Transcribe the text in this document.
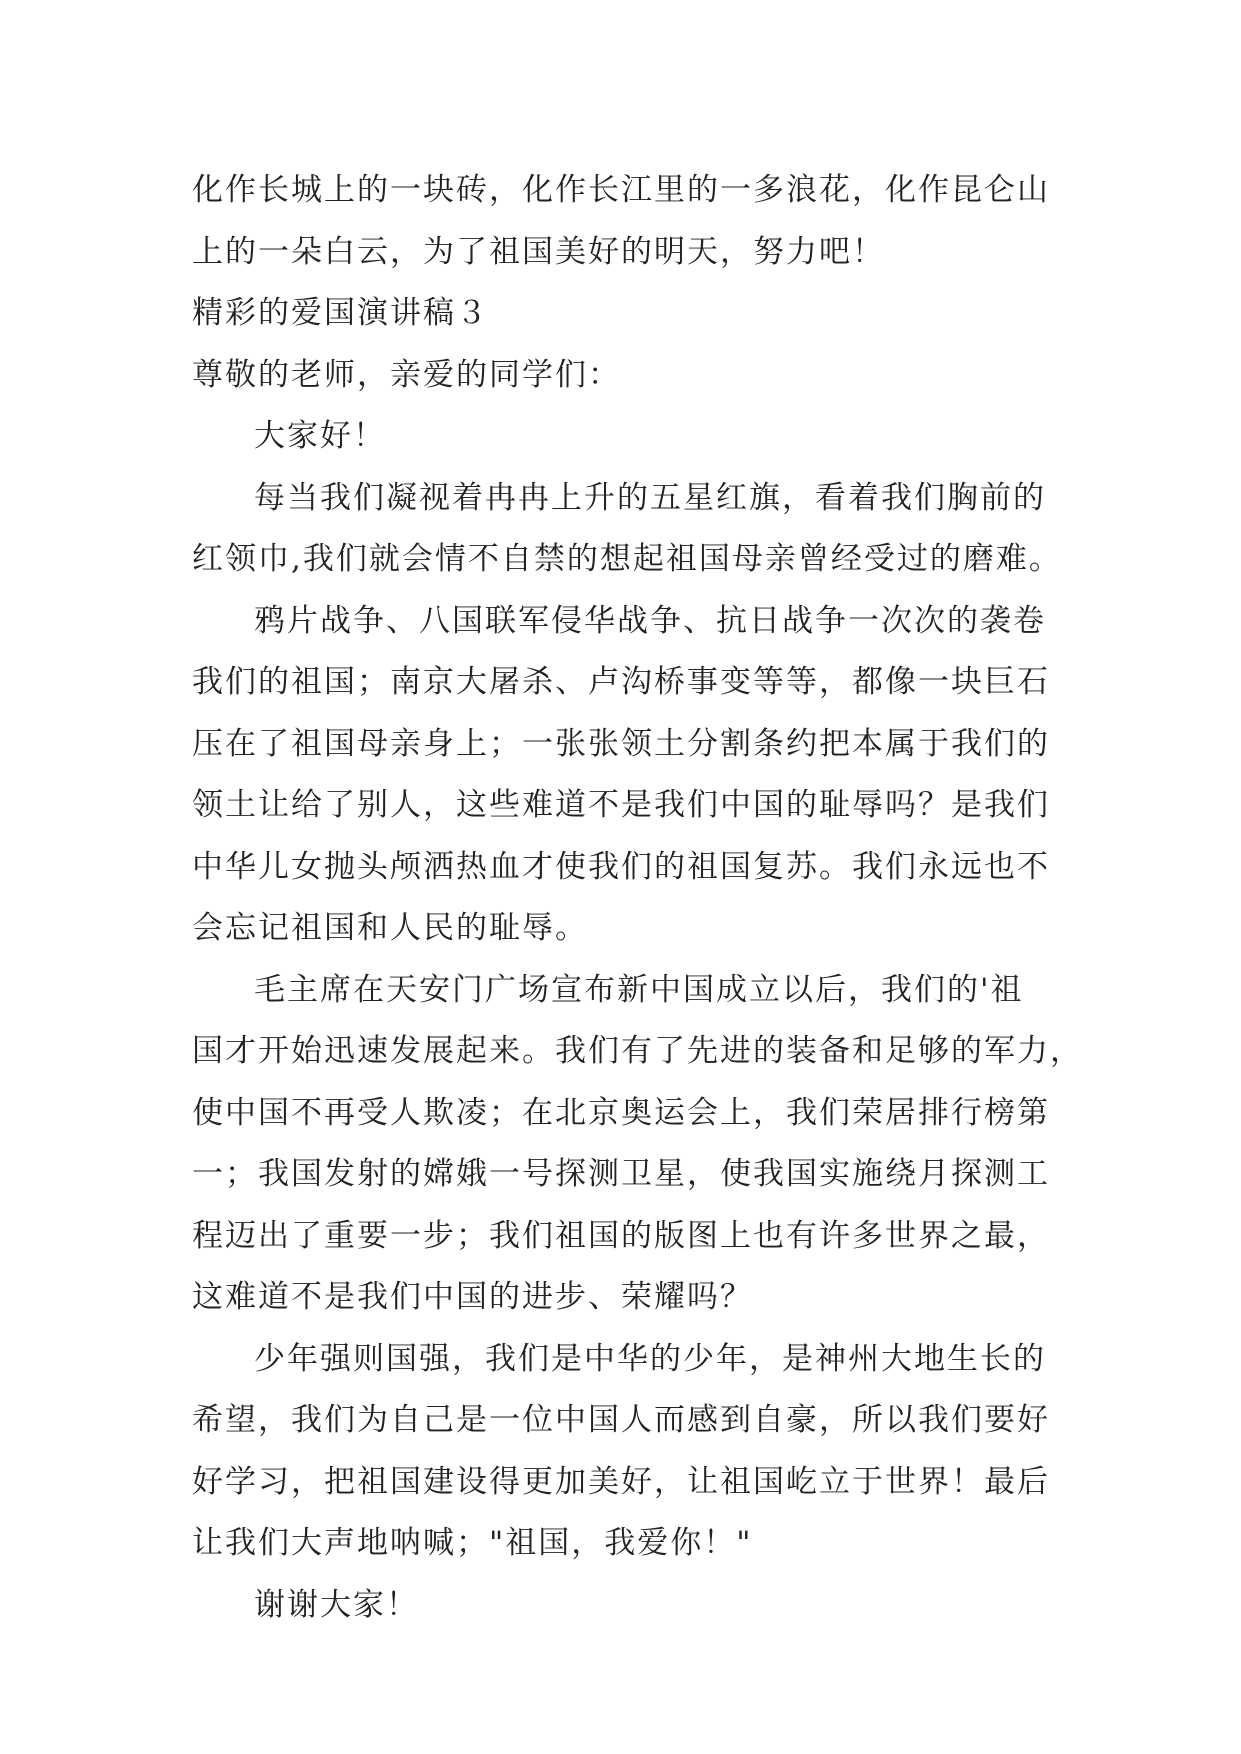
化作长城上的一块砖，化作长江里的一多浪花，化作昆仑山
上的一朵白云，为了祖国美好的明天，努力吧！
精彩的爱国演讲稿３
尊敬的老师，亲爱的同学们：
大家好！
每当我们凝视着冉冉上升的五星红旗，看着我们胸前的
红领巾,我们就会情不自禁的想起祖国母亲曾经受过的磨难。
鸦片战争、八国联军侵华战争、抗日战争一次次的袭卷
我们的祖国；南京大屠杀、卢沟桥事变等等，都像一块巨石
压在了祖国母亲身上；一张张领土分割条约把本属于我们的
领土让给了别人，这些难道不是我们中国的耻辱吗？是我们
中华儿女抛头颅洒热血才使我们的祖国复苏。我们永远也不
会忘记祖国和人民的耻辱。
毛主席在天安门广场宣布新中国成立以后，我们的'祖
国才开始迅速发展起来。我们有了先进的装备和足够的军力，
使中国不再受人欺凌；在北京奥运会上，我们荣居排行榜第
一；我国发射的嫦娥一号探测卫星，使我国实施绕月探测工
程迈出了重要一步；我们祖国的版图上也有许多世界之最，
这难道不是我们中国的进步、荣耀吗？
少年强则国强，我们是中华的少年，是神州大地生长的
希望，我们为自己是一位中国人而感到自豪，所以我们要好
好学习，把祖国建设得更加美好，让祖国屹立于世界！最后
让我们大声地呐喊；"祖国，我爱你！"
谢谢大家！
